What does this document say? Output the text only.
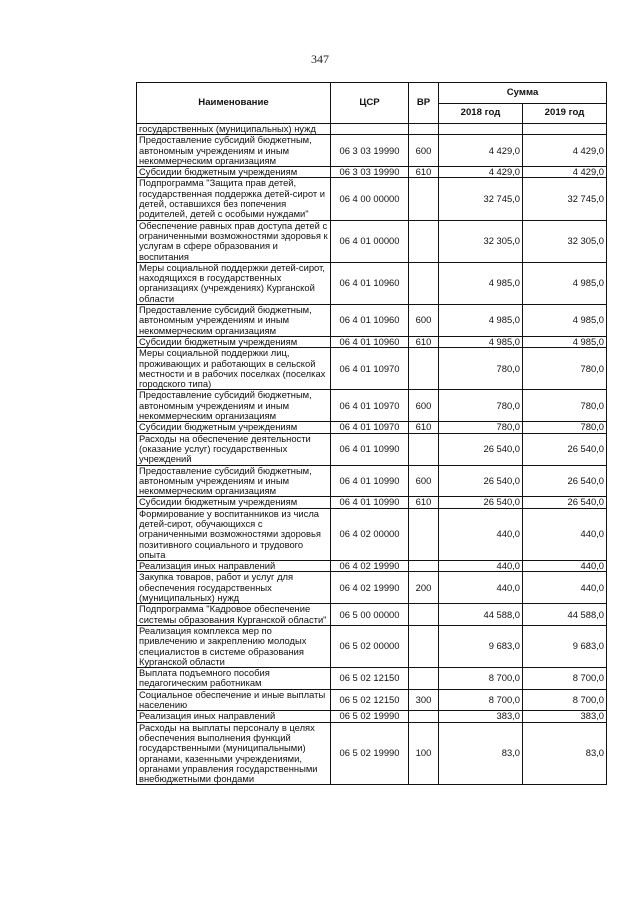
347
Наименование	ЦСР	ВР	Сумма	
			2018 год	2019 год
государственных (муниципальных) нужд				
Предоставление субсидий бюджетным, автономным учреждениям и иным некоммерческим организациям	06 3 03 19990	600	4 429,0	4 429,0
Субсидии бюджетным учреждениям	06 3 03 19990	610	4 429,0	4 429,0
Подпрограмма "Защита прав детей, государственная поддержка детей-сирот и детей, оставшихся без попечения родителей, детей с особыми нуждами"	06 4 00 00000		32 745,0	32 745,0
Обеспечение равных прав доступа детей с ограниченными возможностями здоровья к услугам в сфере образования и воспитания	06 4 01 00000		32 305,0	32 305,0
Меры социальной поддержки детей-сирот, находящихся в государственных организациях (учреждениях) Курганской области	06 4 01 10960		4 985,0	4 985,0
Предоставление субсидий бюджетным, автономным учреждениям и иным некоммерческим организациям	06 4 01 10960	600	4 985,0	4 985,0
Субсидии бюджетным учреждениям	06 4 01 10960	610	4 985,0	4 985,0
Меры социальной поддержки лиц, проживающих и работающих в сельской местности и в рабочих поселках (поселках городского типа)	06 4 01 10970		780,0	780,0
Предоставление субсидий бюджетным, автономным учреждениям и иным некоммерческим организациям	06 4 01 10970	600	780,0	780,0
Субсидии бюджетным учреждениям	06 4 01 10970	610	780,0	780,0
Расходы на обеспечение деятельности (оказание услуг) государственных учреждений	06 4 01 10990		26 540,0	26 540,0
Предоставление субсидий бюджетным, автономным учреждениям и иным некоммерческим организациям	06 4 01 10990	600	26 540,0	26 540,0
Субсидии бюджетным учреждениям	06 4 01 10990	610	26 540,0	26 540,0
Формирование у воспитанников из числа детей-сирот, обучающихся с ограниченными возможностями здоровья позитивного социального и трудового опыта	06 4 02 00000		440,0	440,0
Реализация иных направлений	06 4 02 19990		440,0	440,0
Закупка товаров, работ и услуг для обеспечения государственных (муниципальных) нужд	06 4 02 19990	200	440,0	440,0
Подпрограмма "Кадровое обеспечение системы образования Курганской области"	06 5 00 00000		44 588,0	44 588,0
Реализация комплекса мер по привлечению и закреплению молодых специалистов в системе образования Курганской области	06 5 02 00000		9 683,0	9 683,0
Выплата подъемного пособия педагогическим работникам	06 5 02 12150		8 700,0	8 700,0
Социальное обеспечение и иные выплаты населению	06 5 02 12150	300	8 700,0	8 700,0
Реализация иных направлений	06 5 02 19990		383,0	383,0
Расходы на выплаты персоналу в целях обеспечения выполнения функций государственными (муниципальными) органами, казенными учреждениями, органами управления государственными внебюджетными фондами	06 5 02 19990	100	83,0	83,0
